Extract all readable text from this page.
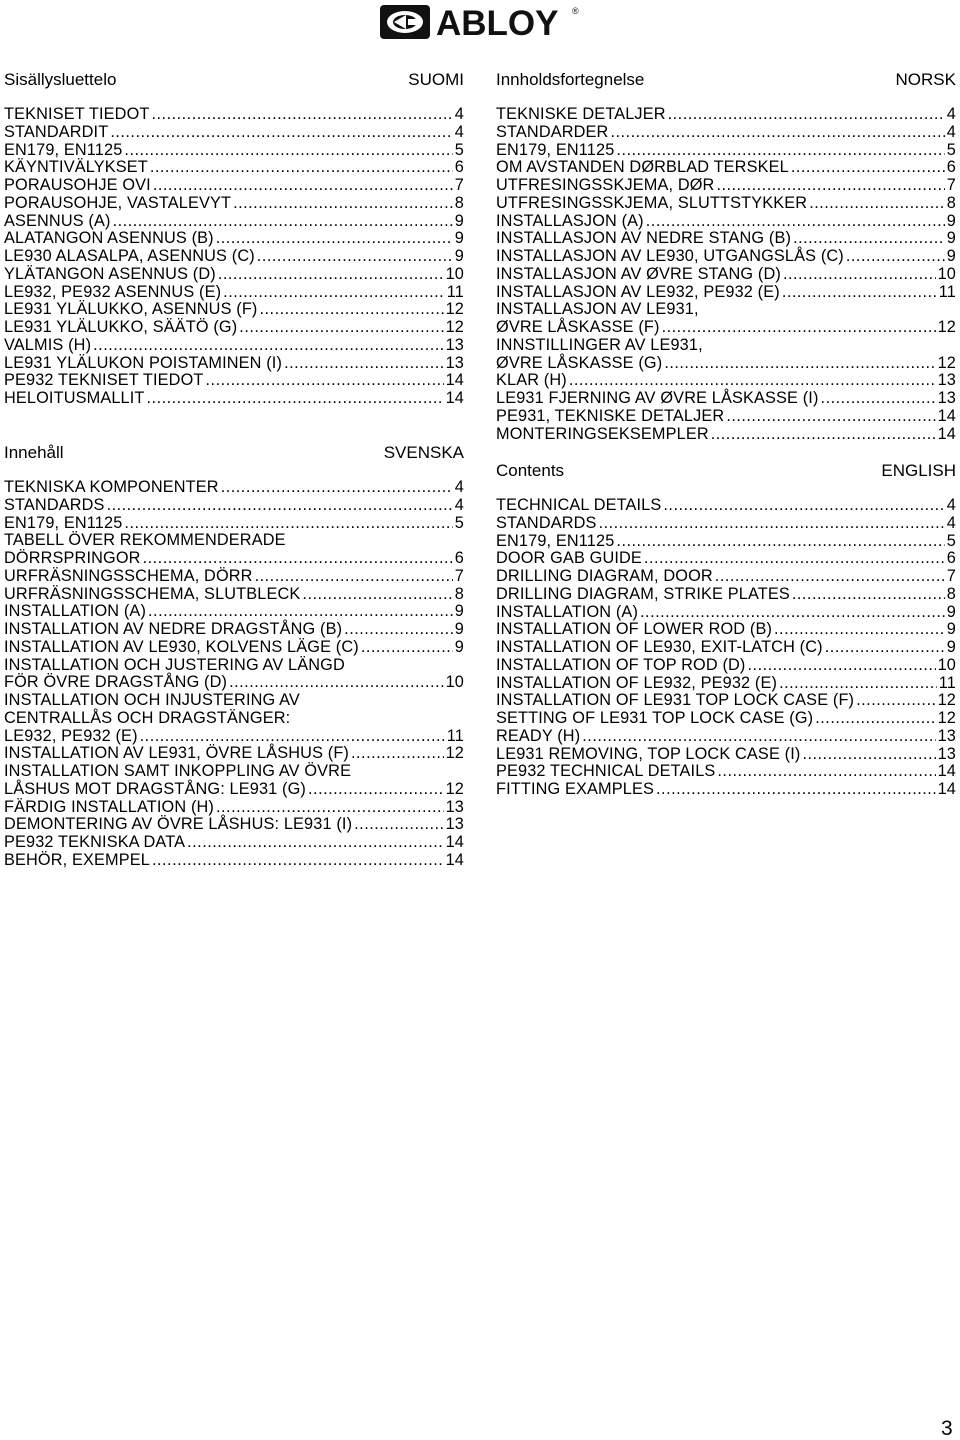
ABLOY ®
Sisällysluettelo	SUOMI
TEKNISET TIEDOT .....	4
STANDARDIT .....	4
EN179, EN1125 .....	5
KÄYNTIVÄLYKSET .....	6
PORAUSOHJE OVI .....	7
PORAUSOHJE, VASTALEVYT .....	8
ASENNUS (A) .....	9
ALATANGON ASENNUS (B) .....	9
LE930 ALASALPA, ASENNUS (C) .....	9
YLÄTANGON ASENNUS (D) .....	10
LE932, PE932 ASENNUS (E) .....	11
LE931 YLÄLUKKO, ASENNUS (F) .....	12
LE931 YLÄLUKKO, SÄÄTÖ (G) .....	12
VALMIS (H) .....	13
LE931 YLÄLUKON POISTAMINEN (I) .....	13
PE932 TEKNISET TIEDOT .....	14
HELOITUSMALLIT .....	14
Innehåll	SVENSKA
TEKNISKA KOMPONENTER .....	4
STANDARDS .....	4
EN179, EN1125 .....	5
TABELL ÖVER REKOMMENDERADE
DÖRRSPRINGOR .....	6
URFRÄSNINGSSCHEMA, DÖRR .....	7
URFRÄSNINGSSCHEMA, SLUTBLECK .....	8
INSTALLATION (A) .....	9
INSTALLATION AV NEDRE DRAGSTÅNG (B) .....	9
INSTALLATION AV LE930, KOLVENS LÄGE (C) .....	9
INSTALLATION OCH JUSTERING AV LÄNGD
FÖR ÖVRE DRAGSTÅNG (D) .....	10
INSTALLATION OCH INJUSTERING AV
CENTRALLÅS OCH DRAGSTÄNGER:
LE932, PE932 (E) .....	11
INSTALLATION AV LE931, ÖVRE LÅSHUS (F) .....	12
INSTALLATION SAMT INKOPPLING AV ÖVRE
LÅSHUS MOT DRAGSTÅNG: LE931 (G) .....	12
FÄRDIG INSTALLATION (H) .....	13
DEMONTERING AV ÖVRE LÅSHUS: LE931 (I) .....	13
PE932 TEKNISKA DATA .....	14
BEHÖR, EXEMPEL .....	14
Innholdsfortegnelse	NORSK
TEKNISKE DETALJER .....	4
STANDARDER .....	4
EN179, EN1125 .....	5
OM AVSTANDEN DØRBLAD TERSKEL .....	6
UTFRESINGSSKJEMA, DØR .....	7
UTFRESINGSSKJEMA, SLUTTSTYKKER .....	8
INSTALLASJON (A) .....	9
INSTALLASJON AV NEDRE STANG (B) .....	9
INSTALLASJON AV LE930, UTGANGSLÅS (C) .....	9
INSTALLASJON AV ØVRE STANG (D) .....	10
INSTALLASJON AV LE932, PE932 (E) .....	11
INSTALLASJON AV LE931,
ØVRE LÅSKASSE (F) .....	12
INNSTILLINGER AV LE931,
ØVRE LÅSKASSE (G) .....	12
KLAR (H) .....	13
LE931 FJERNING AV ØVRE LÅSKASSE (I) .....	13
PE931, TEKNISKE DETALJER .....	14
MONTERINGSEKSEMPLER .....	14
Contents	ENGLISH
TECHNICAL DETAILS .....	4
STANDARDS .....	4
EN179, EN1125 .....	5
DOOR GAB GUIDE .....	6
DRILLING DIAGRAM, DOOR .....	7
DRILLING DIAGRAM, STRIKE PLATES .....	8
INSTALLATION (A) .....	9
INSTALLATION OF LOWER ROD (B) .....	9
INSTALLATION OF LE930, EXIT-LATCH (C) .....	9
INSTALLATION OF TOP ROD (D) .....	10
INSTALLATION OF LE932, PE932 (E) .....	11
INSTALLATION OF LE931 TOP LOCK CASE (F) .....	12
SETTING OF LE931 TOP LOCK CASE (G) .....	12
READY (H) .....	13
LE931 REMOVING, TOP LOCK CASE (I) .....	13
PE932 TECHNICAL DETAILS .....	14
FITTING EXAMPLES .....	14
3
